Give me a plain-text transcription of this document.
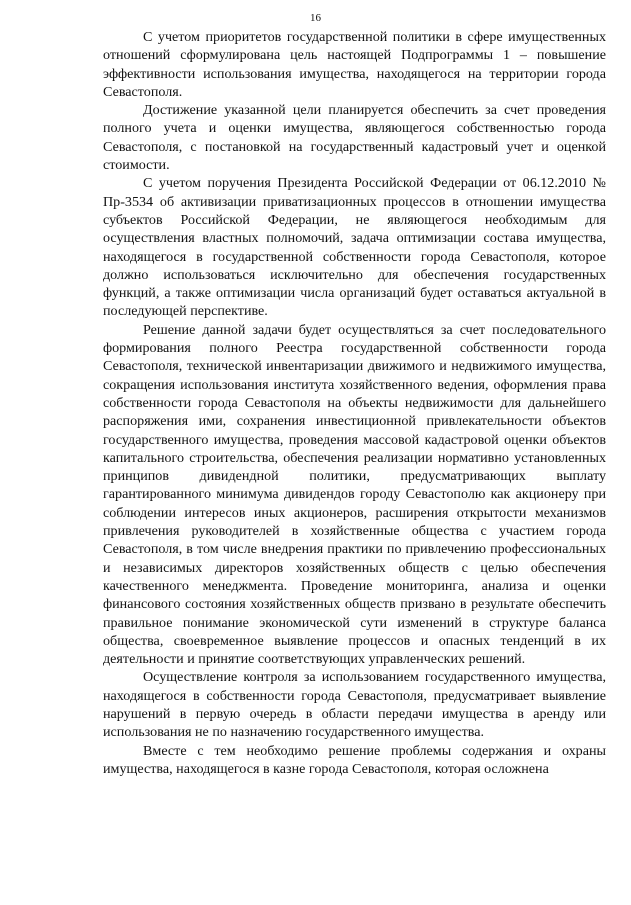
16

С учетом приоритетов государственной политики в сфере имущественных отношений сформулирована цель настоящей Подпрограммы 1 – повышение эффективности использования имущества, находящегося на территории города Севастополя.

Достижение указанной цели планируется обеспечить за счет проведения полного учета и оценки имущества, являющегося собственностью города Севастополя, с постановкой на государственный кадастровый учет и оценкой стоимости.

С учетом поручения Президента Российской Федерации от 06.12.2010 № Пр-3534 об активизации приватизационных процессов в отношении имущества субъектов Российской Федерации, не являющегося необходимым для осуществления властных полномочий, задача оптимизации состава имущества, находящегося в государственной собственности города Севастополя, которое должно использоваться исключительно для обеспечения государственных функций, а также оптимизации числа организаций будет оставаться актуальной в последующей перспективе.

Решение данной задачи будет осуществляться за счет последовательного формирования полного Реестра государственной собственности города Севастополя, технической инвентаризации движимого и недвижимого имущества, сокращения использования института хозяйственного ведения, оформления права собственности города Севастополя на объекты недвижимости для дальнейшего распоряжения ими, сохранения инвестиционной привлекательности объектов государственного имущества, проведения массовой кадастровой оценки объектов капитального строительства, обеспечения реализации нормативно установленных принципов дивидендной политики, предусматривающих выплату гарантированного минимума дивидендов городу Севастополю как акционеру при соблюдении интересов иных акционеров, расширения открытости механизмов привлечения руководителей в хозяйственные общества с участием города Севастополя, в том числе внедрения практики по привлечению профессиональных и независимых директоров хозяйственных обществ с целью обеспечения качественного менеджмента. Проведение мониторинга, анализа и оценки финансового состояния хозяйственных обществ призвано в результате обеспечить правильное понимание экономической сути изменений в структуре баланса общества, своевременное выявление процессов и опасных тенденций в их деятельности и принятие соответствующих управленческих решений.

Осуществление контроля за использованием государственного имущества, находящегося в собственности города Севастополя, предусматривает выявление нарушений в первую очередь в области передачи имущества в аренду или использования не по назначению государственного имущества.

Вместе с тем необходимо решение проблемы содержания и охраны имущества, находящегося в казне города Севастополя, которая осложнена
